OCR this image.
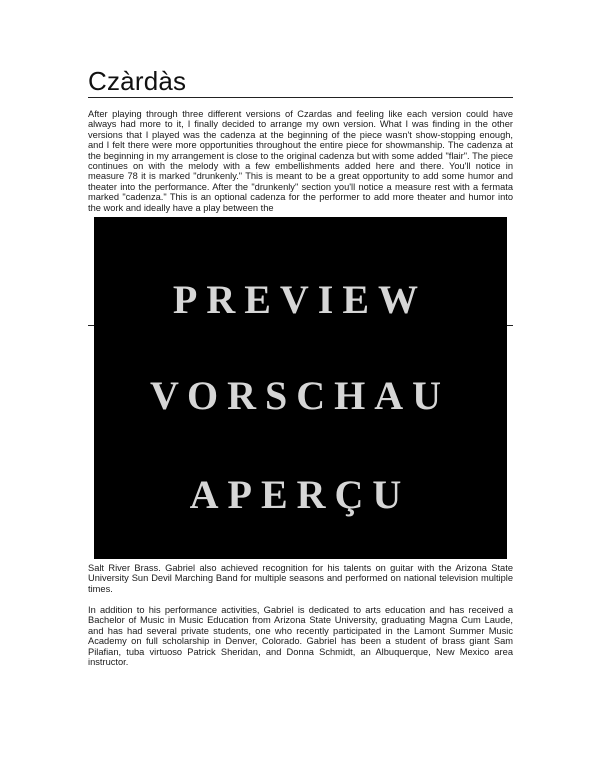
Czàrdàs

After playing through three different versions of Czardas and feeling like each version could have always had more to it, I finally decided to arrange my own version. What I was finding in the other versions that I played was the cadenza at the beginning of the piece wasn't show-stopping enough, and I felt there were more opportunities throughout the entire piece for showmanship. The cadenza at the beginning in my arrangement is close to the original cadenza but with some added "flair". The piece continues on with the melody with a few embellishments added here and there. You'll notice in measure 78 it is marked "drunkenly." This is meant to be a great opportunity to add some humor and theater into the performance. After the "drunkenly" section you'll notice a measure rest with a fermata marked "cadenza." This is an optional cadenza for the performer to add more theater and humor into the work and ideally have a play between the

PREVIEW
VORSCHAU
APERÇU

Salt River Brass. Gabriel also achieved recognition for his talents on guitar with the Arizona State University Sun Devil Marching Band for multiple seasons and performed on national television multiple times.

In addition to his performance activities, Gabriel is dedicated to arts education and has received a Bachelor of Music in Music Education from Arizona State University, graduating Magna Cum Laude, and has had several private students, one who recently participated in the Lamont Summer Music Academy on full scholarship in Denver, Colorado. Gabriel has been a student of brass giant Sam Pilafian, tuba virtuoso Patrick Sheridan, and Donna Schmidt, an Albuquerque, New Mexico area instructor.
